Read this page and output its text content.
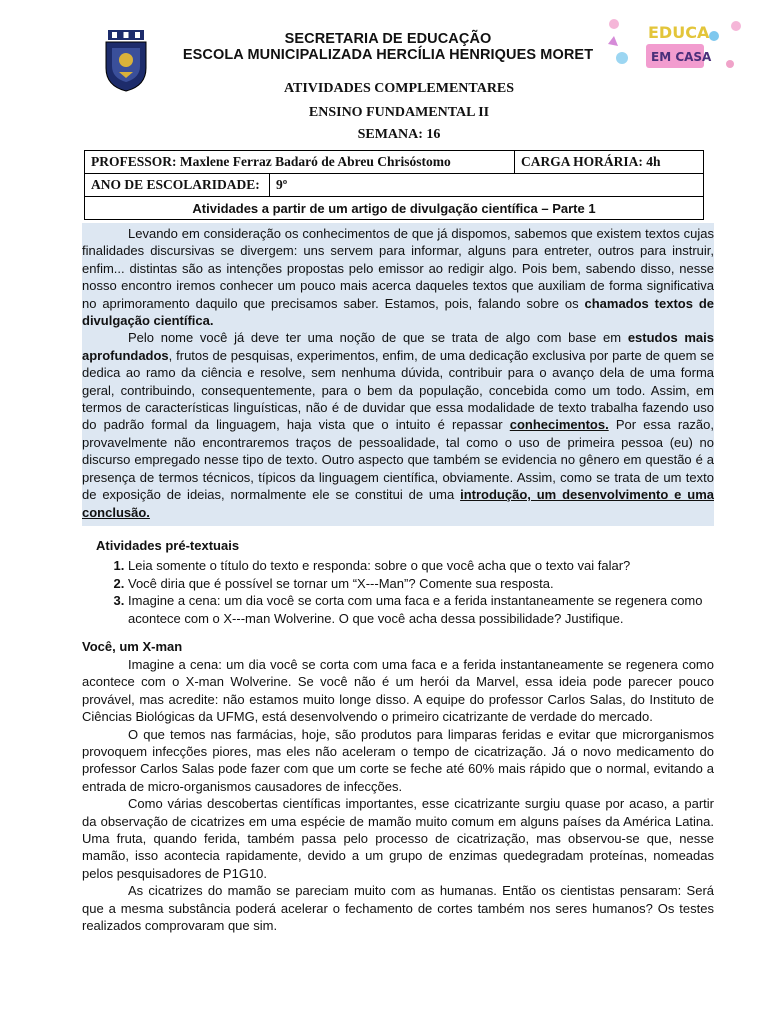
EDUCA
EM CASA
SECRETARIA DE EDUCAÇÃO
ESCOLA MUNICIPALIZADA HERCÍLIA HENRIQUES MORET
ATIVIDADES COMPLEMENTARES
ENSINO FUNDAMENTAL II
SEMANA: 16
PROFESSOR: Maxlene Ferraz Badaró de Abreu Chrisóstomo		CARGA HORÁRIA: 4h
ANO DE ESCOLARIDADE:	9º	
Atividades a partir de um artigo de divulgação científica – Parte 1		

Levando em consideração os conhecimentos de que já dispomos, sabemos que existem textos cujas finalidades discursivas se divergem: uns servem para informar, alguns para entreter, outros para instruir, enfim... distintas são as intenções propostas pelo emissor ao redigir algo. Pois bem, sabendo disso, nesse nosso encontro iremos conhecer um pouco mais acerca daqueles textos que auxiliam de forma significativa no aprimoramento daquilo que precisamos saber. Estamos, pois, falando sobre os chamados textos de divulgação científica.

Pelo nome você já deve ter uma noção de que se trata de algo com base em estudos mais aprofundados, frutos de pesquisas, experimentos, enfim, de uma dedicação exclusiva por parte de quem se dedica ao ramo da ciência e resolve, sem nenhuma dúvida, contribuir para o avanço dela de uma forma geral, contribuindo, consequentemente, para o bem da população, concebida como um todo. Assim, em termos de características linguísticas, não é de duvidar que essa modalidade de texto trabalha fazendo uso do padrão formal da linguagem, haja vista que o intuito é repassar conhecimentos. Por essa razão, provavelmente não encontraremos traços de pessoalidade, tal como o uso de primeira pessoa (eu) no discurso empregado nesse tipo de texto. Outro aspecto que também se evidencia no gênero em questão é a presença de termos técnicos, típicos da linguagem científica, obviamente. Assim, como se trata de um texto de exposição de ideias, normalmente ele se constitui de uma introdução, um desenvolvimento e uma conclusão.

Atividades pré-textuais
1. Leia somente o título do texto e responda: sobre o que você acha que o texto vai falar?
2. Você diria que é possível se tornar um “X---Man”? Comente sua resposta.
3. Imagine a cena: um dia você se corta com uma faca e a ferida instantaneamente se regenera como acontece com o X---man Wolverine. O que você acha dessa possibilidade? Justifique.
Você, um X-man

Imagine a cena: um dia você se corta com uma faca e a ferida instantaneamente se regenera como acontece com o X-man Wolverine. Se você não é um herói da Marvel, essa ideia pode parecer pouco provável, mas acredite: não estamos muito longe disso. A equipe do professor Carlos Salas, do Instituto de Ciências Biológicas da UFMG, está desenvolvendo o primeiro cicatrizante de verdade do mercado.

O que temos nas farmácias, hoje, são produtos para limparas feridas e evitar que microrganismos provoquem infecções piores, mas eles não aceleram o tempo de cicatrização. Já o novo medicamento do professor Carlos Salas pode fazer com que um corte se feche até 60% mais rápido que o normal, evitando a entrada de micro-organismos causadores de infecções.

Como várias descobertas científicas importantes, esse cicatrizante surgiu quase por acaso, a partir da observação de cicatrizes em uma espécie de mamão muito comum em alguns países da América Latina. Uma fruta, quando ferida, também passa pelo processo de cicatrização, mas observou-se que, nesse mamão, isso acontecia rapidamente, devido a um grupo de enzimas quedegradam proteínas, nomeadas pelos pesquisadores de P1G10.

As cicatrizes do mamão se pareciam muito com as humanas. Então os cientistas pensaram: Será que a mesma substância poderá acelerar o fechamento de cortes também nos seres humanos? Os testes realizados comprovaram que sim.
